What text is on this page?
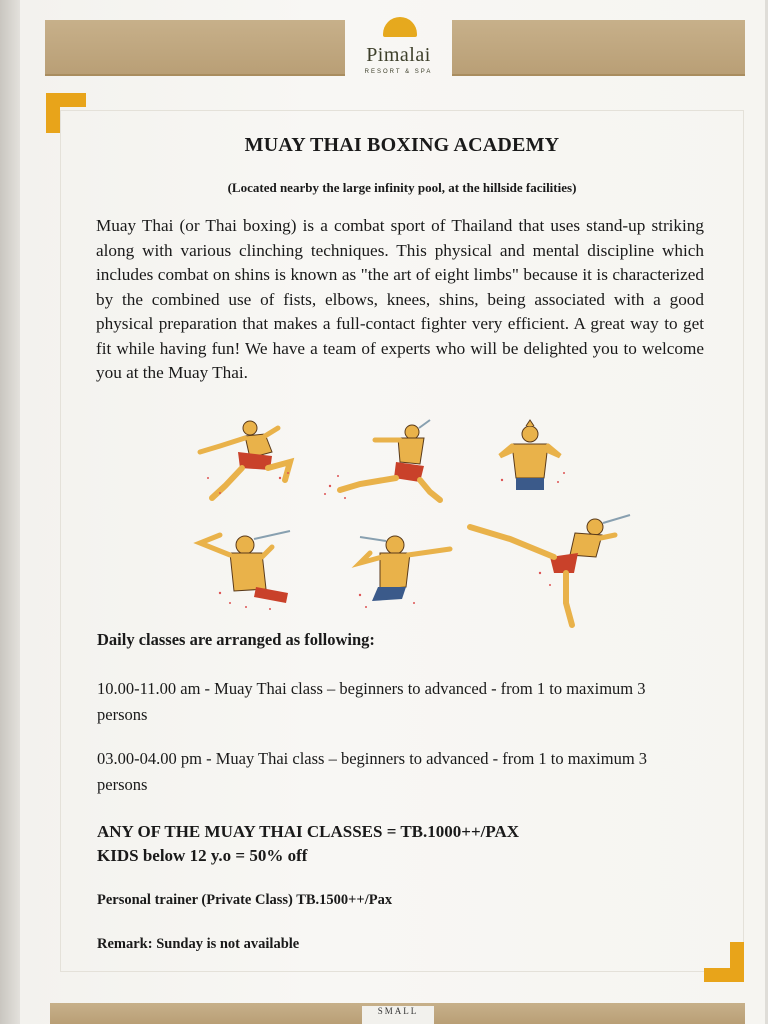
Pimalai
RESORT & SPA
MUAY THAI BOXING ACADEMY
(Located nearby the large infinity pool, at the hillside facilities)
Muay Thai (or Thai boxing) is a combat sport of Thailand that uses stand-up striking along with various clinching techniques. This physical and mental discipline which includes combat on shins is known as "the art of eight limbs" because it is characterized by the combined use of fists, elbows, knees, shins, being associated with a good physical preparation that makes a full-contact fighter very efficient. A great way to get fit while having fun! We have a team of experts who will be delighted you to welcome you at the Muay Thai.
Daily classes are arranged as following:
10.00-11.00 am - Muay Thai class – beginners to advanced - from 1 to maximum 3 persons
03.00-04.00 pm - Muay Thai class – beginners to advanced - from 1 to maximum 3 persons
ANY OF THE MUAY THAI CLASSES = TB.1000++/PAX
KIDS below 12 y.o = 50% off
Personal trainer (Private Class) TB.1500++/Pax
Remark: Sunday is not available
SMALL
